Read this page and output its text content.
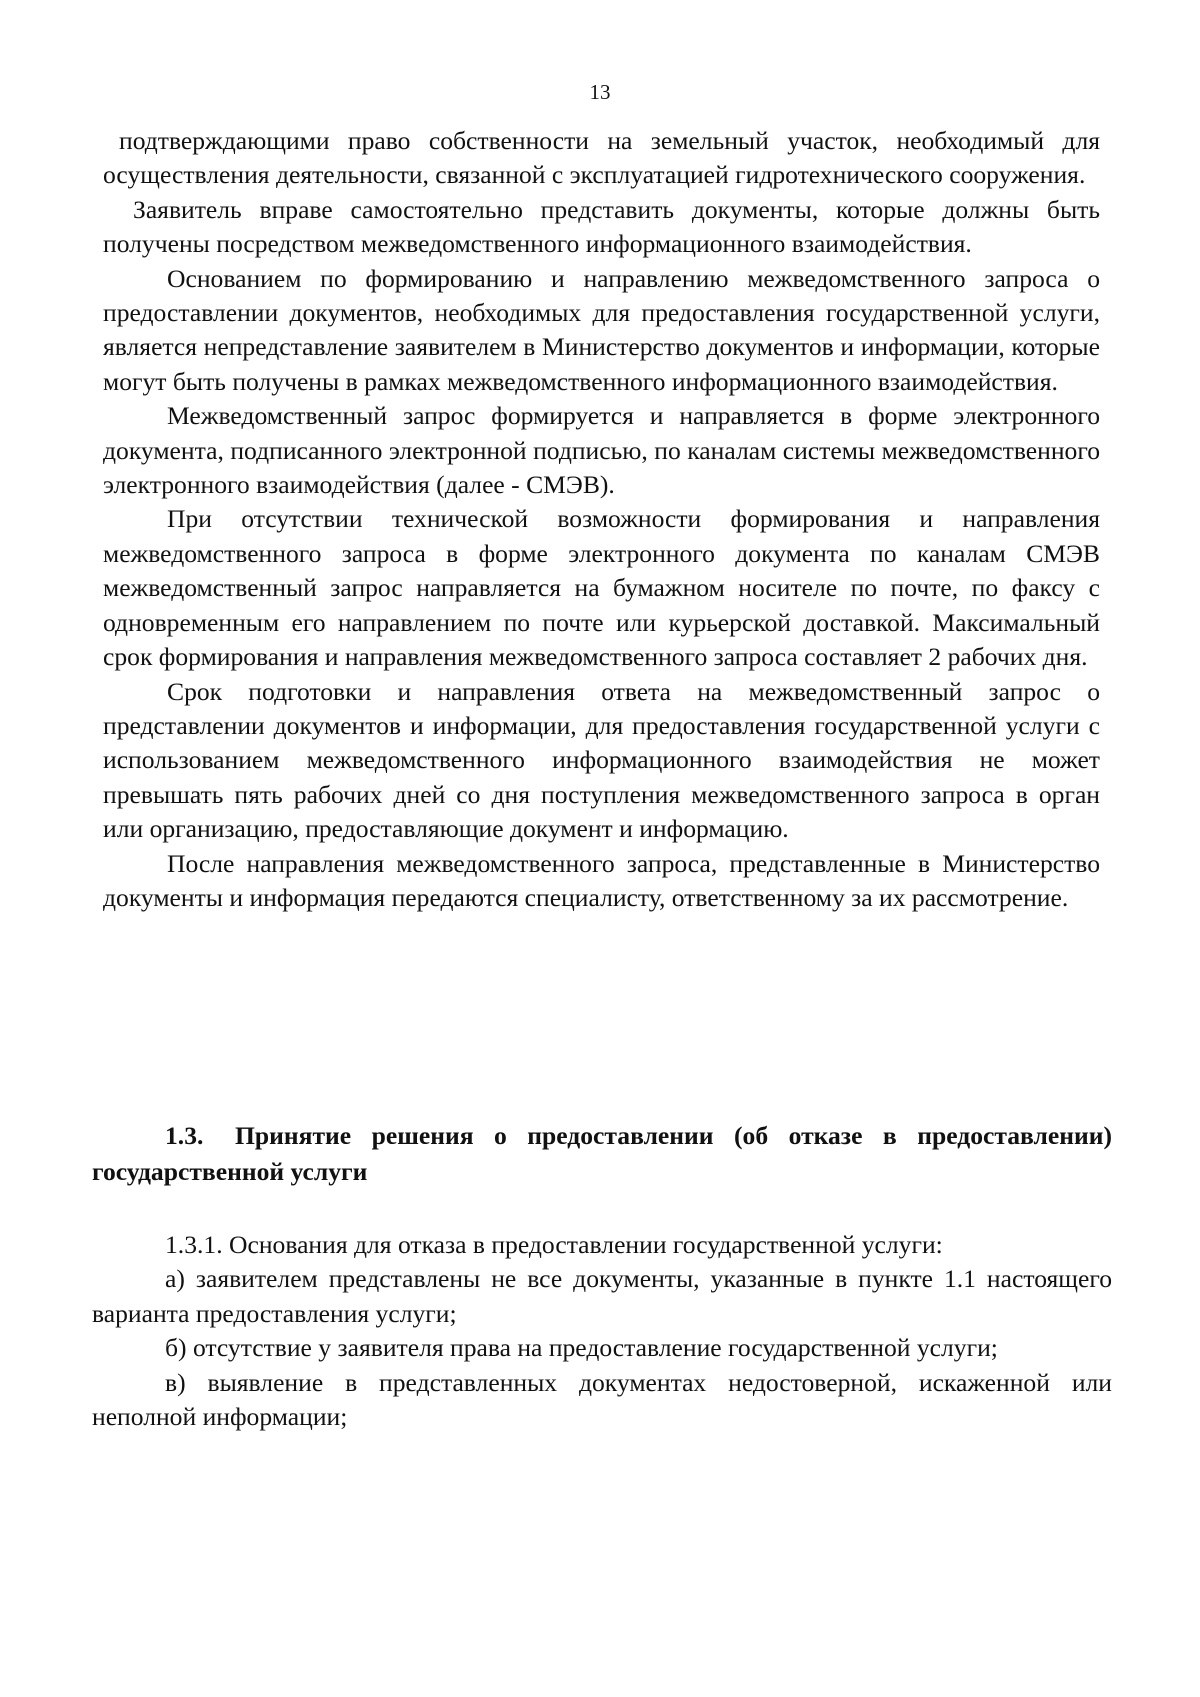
13

подтверждающими право собственности на земельный участок, необходимый для осуществления деятельности, связанной с эксплуатацией гидротехнического сооружения.

Заявитель вправе самостоятельно представить документы, которые должны быть получены посредством межведомственного информационного взаимодействия.

Основанием по формированию и направлению межведомственного запроса о предоставлении документов, необходимых для предоставления государственной услуги, является непредставление заявителем в Министерство документов и информации, которые могут быть получены в рамках межведомственного информационного взаимодействия.

Межведомственный запрос формируется и направляется в форме электронного документа, подписанного электронной подписью, по каналам системы межведомственного электронного взаимодействия (далее - СМЭВ).

При отсутствии технической возможности формирования и направления межведомственного запроса в форме электронного документа по каналам СМЭВ межведомственный запрос направляется на бумажном носителе по почте, по факсу с одновременным его направлением по почте или курьерской доставкой. Максимальный срок формирования и направления межведомственного запроса составляет 2 рабочих дня.

Срок подготовки и направления ответа на межведомственный запрос о представлении документов и информации, для предоставления государственной услуги с использованием межведомственного информационного взаимодействия не может превышать пять рабочих дней со дня поступления межведомственного запроса в орган или организацию, предоставляющие документ и информацию.

После направления межведомственного запроса, представленные в Министерство документы и информация передаются специалисту, ответственному за их рассмотрение.

1.3. Принятие решения о предоставлении (об отказе в предоставлении) государственной услуги

1.3.1. Основания для отказа в предоставлении государственной услуги:

а) заявителем представлены не все документы, указанные в пункте 1.1 настоящего варианта предоставления услуги;

б) отсутствие у заявителя права на предоставление государственной услуги;

в) выявление в представленных документах недостоверной, искаженной или неполной информации;
